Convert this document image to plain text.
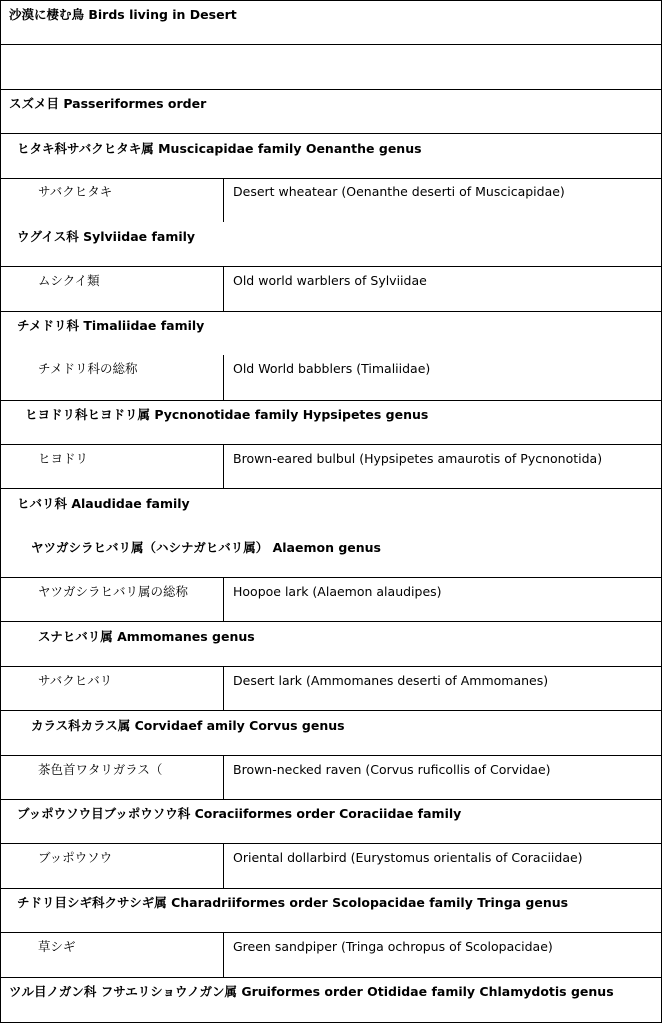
沙漠に棲む鳥 Birds living in Desert
スズメ目 Passeriformes order
ヒタキ科サバクヒタキ属 Muscicapidae family Oenanthe genus
サバクヒタキ	Desert wheatear (Oenanthe deserti of Muscicapidae)
ウグイス科 Sylviidae family
ムシクイ類	Old world warblers of Sylviidae
チメドリ科 Timaliidae family
チメドリ科の総称	Old World babblers (Timaliidae)
ヒヨドリ科ヒヨドリ属 Pycnonotidae family Hypsipetes genus
ヒヨドリ	Brown-eared bulbul (Hypsipetes amaurotis of Pycnonotida)
ヒバリ科 Alaudidae family
ヤツガシラヒバリ属（ハシナガヒバリ属） Alaemon genus
ヤツガシラヒバリ属の総称	Hoopoe lark (Alaemon alaudipes)
スナヒバリ属 Ammomanes genus
サバクヒバリ	Desert lark (Ammomanes deserti of Ammomanes)
カラス科カラス属 Corvidaef amily Corvus genus
茶色首ワタリガラス（	Brown-necked raven (Corvus ruficollis of Corvidae)
ブッポウソウ目ブッポウソウ科 Coraciiformes order Coraciidae family
ブッポウソウ	Oriental dollarbird (Eurystomus orientalis of Coraciidae)
チドリ目シギ科クサシギ属 Charadriiformes order Scolopacidae family Tringa genus
草シギ	Green sandpiper (Tringa ochropus of Scolopacidae)
ツル目ノガン科 フサエリショウノガン属 Gruiformes order Otididae family Chlamydotis genus
